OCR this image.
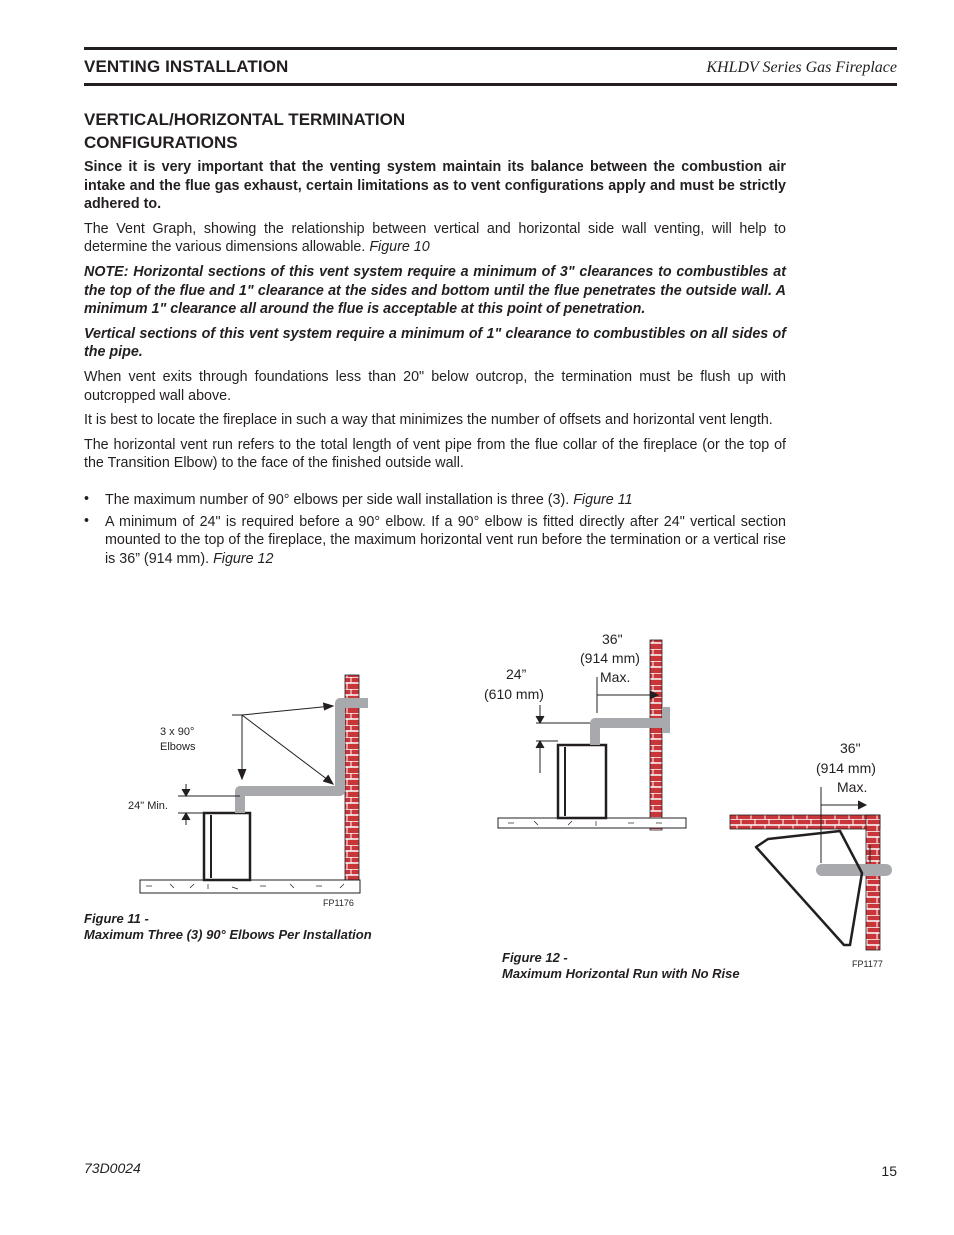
VENTING INSTALLATION	KHLDV Series Gas Fireplace
VERTICAL/HORIZONTAL TERMINATION
CONFIGURATIONS

Since it is very important that the venting system maintain its balance between the combustion air intake and the flue gas exhaust, certain limitations as to vent configurations apply and must be strictly adhered to.

The Vent Graph, showing the relationship between vertical and horizontal side wall venting, will help to determine the various dimensions allowable. Figure 10

NOTE: Horizontal sections of this vent system require a minimum of 3" clearances to combustibles at the top of the flue and 1" clearance at the sides and bottom until the flue penetrates the outside wall. A minimum 1" clearance all around the flue is acceptable at this point of penetration.

Vertical sections of this vent system require a minimum of 1" clearance to combustibles on all sides of the pipe.

When vent exits through foundations less than 20" below outcrop, the termination must be flush up with outcropped wall above.

It is best to locate the fireplace in such a way that minimizes the number of offsets and horizontal vent length.

The horizontal vent run refers to the total length of vent pipe from the flue collar of the fireplace (or the top of the Transition Elbow) to the face of the finished outside wall.

• The maximum number of 90° elbows per side wall installation is three (3). Figure 11
• A minimum of 24" is required before a 90° elbow. If a 90° elbow is fitted directly after 24" vertical section mounted to the top of the fireplace, the maximum horizontal vent run before the termination or a vertical rise is 36” (914 mm). Figure 12
3 x 90°
Elbows
24" Min.
FP1176
Figure 11 -
Maximum Three (3) 90° Elbows Per Installation
36"
(914 mm)
Max.
24”
(610 mm)
36"
(914 mm)
Max.
FP1177
Figure 12 -
Maximum Horizontal Run with No Rise
73D0024	15
